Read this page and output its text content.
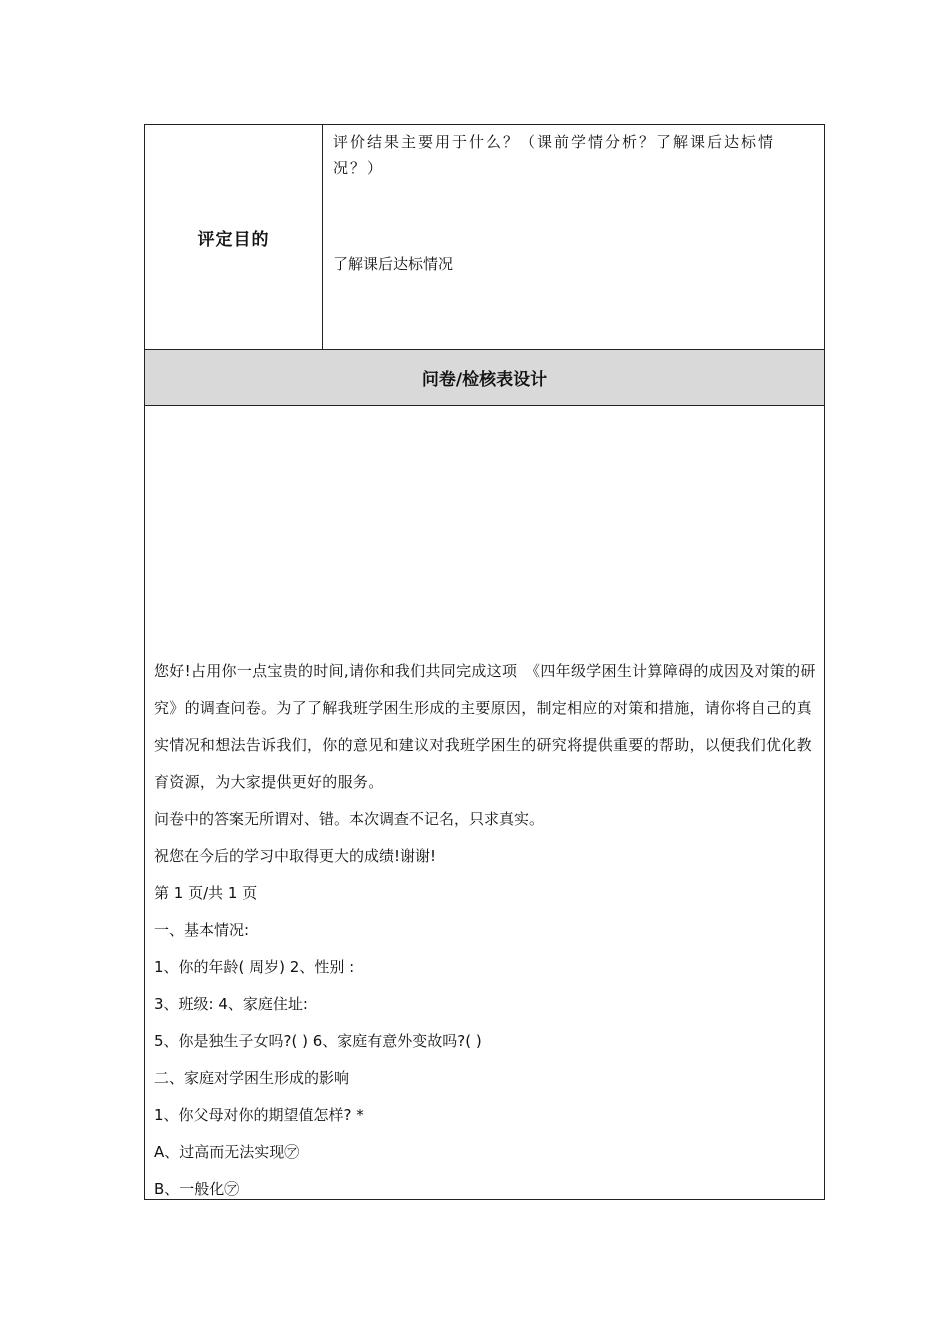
评定目的

评价结果主要用于什么？（课前学情分析？了解课后达标情况？）

了解课后达标情况

问卷/检核表设计

您好!占用你一点宝贵的时间,请你和我们共同完成这项　《四年级学困生计算障碍的成因及对策的研究》的调查问卷。为了了解我班学困生形成的主要原因，制定相应的对策和措施，请你将自己的真实情况和想法告诉我们，你的意见和建议对我班学困生的研究将提供重要的帮助，以便我们优化教育资源，为大家提供更好的服务。

问卷中的答案无所谓对、错。本次调查不记名，只求真实。

祝您在今后的学习中取得更大的成绩!谢谢!

第 1 页/共 1 页

一、基本情况:

1、你的年龄( 周岁) 2、性别 :

3、班级: 4、家庭住址:

5、你是独生子女吗?( ) 6、家庭有意外变故吗?( )

二、家庭对学困生形成的影响

1、你父母对你的期望值怎样? *

A、过高而无法实现㋐

B、一般化㋐
